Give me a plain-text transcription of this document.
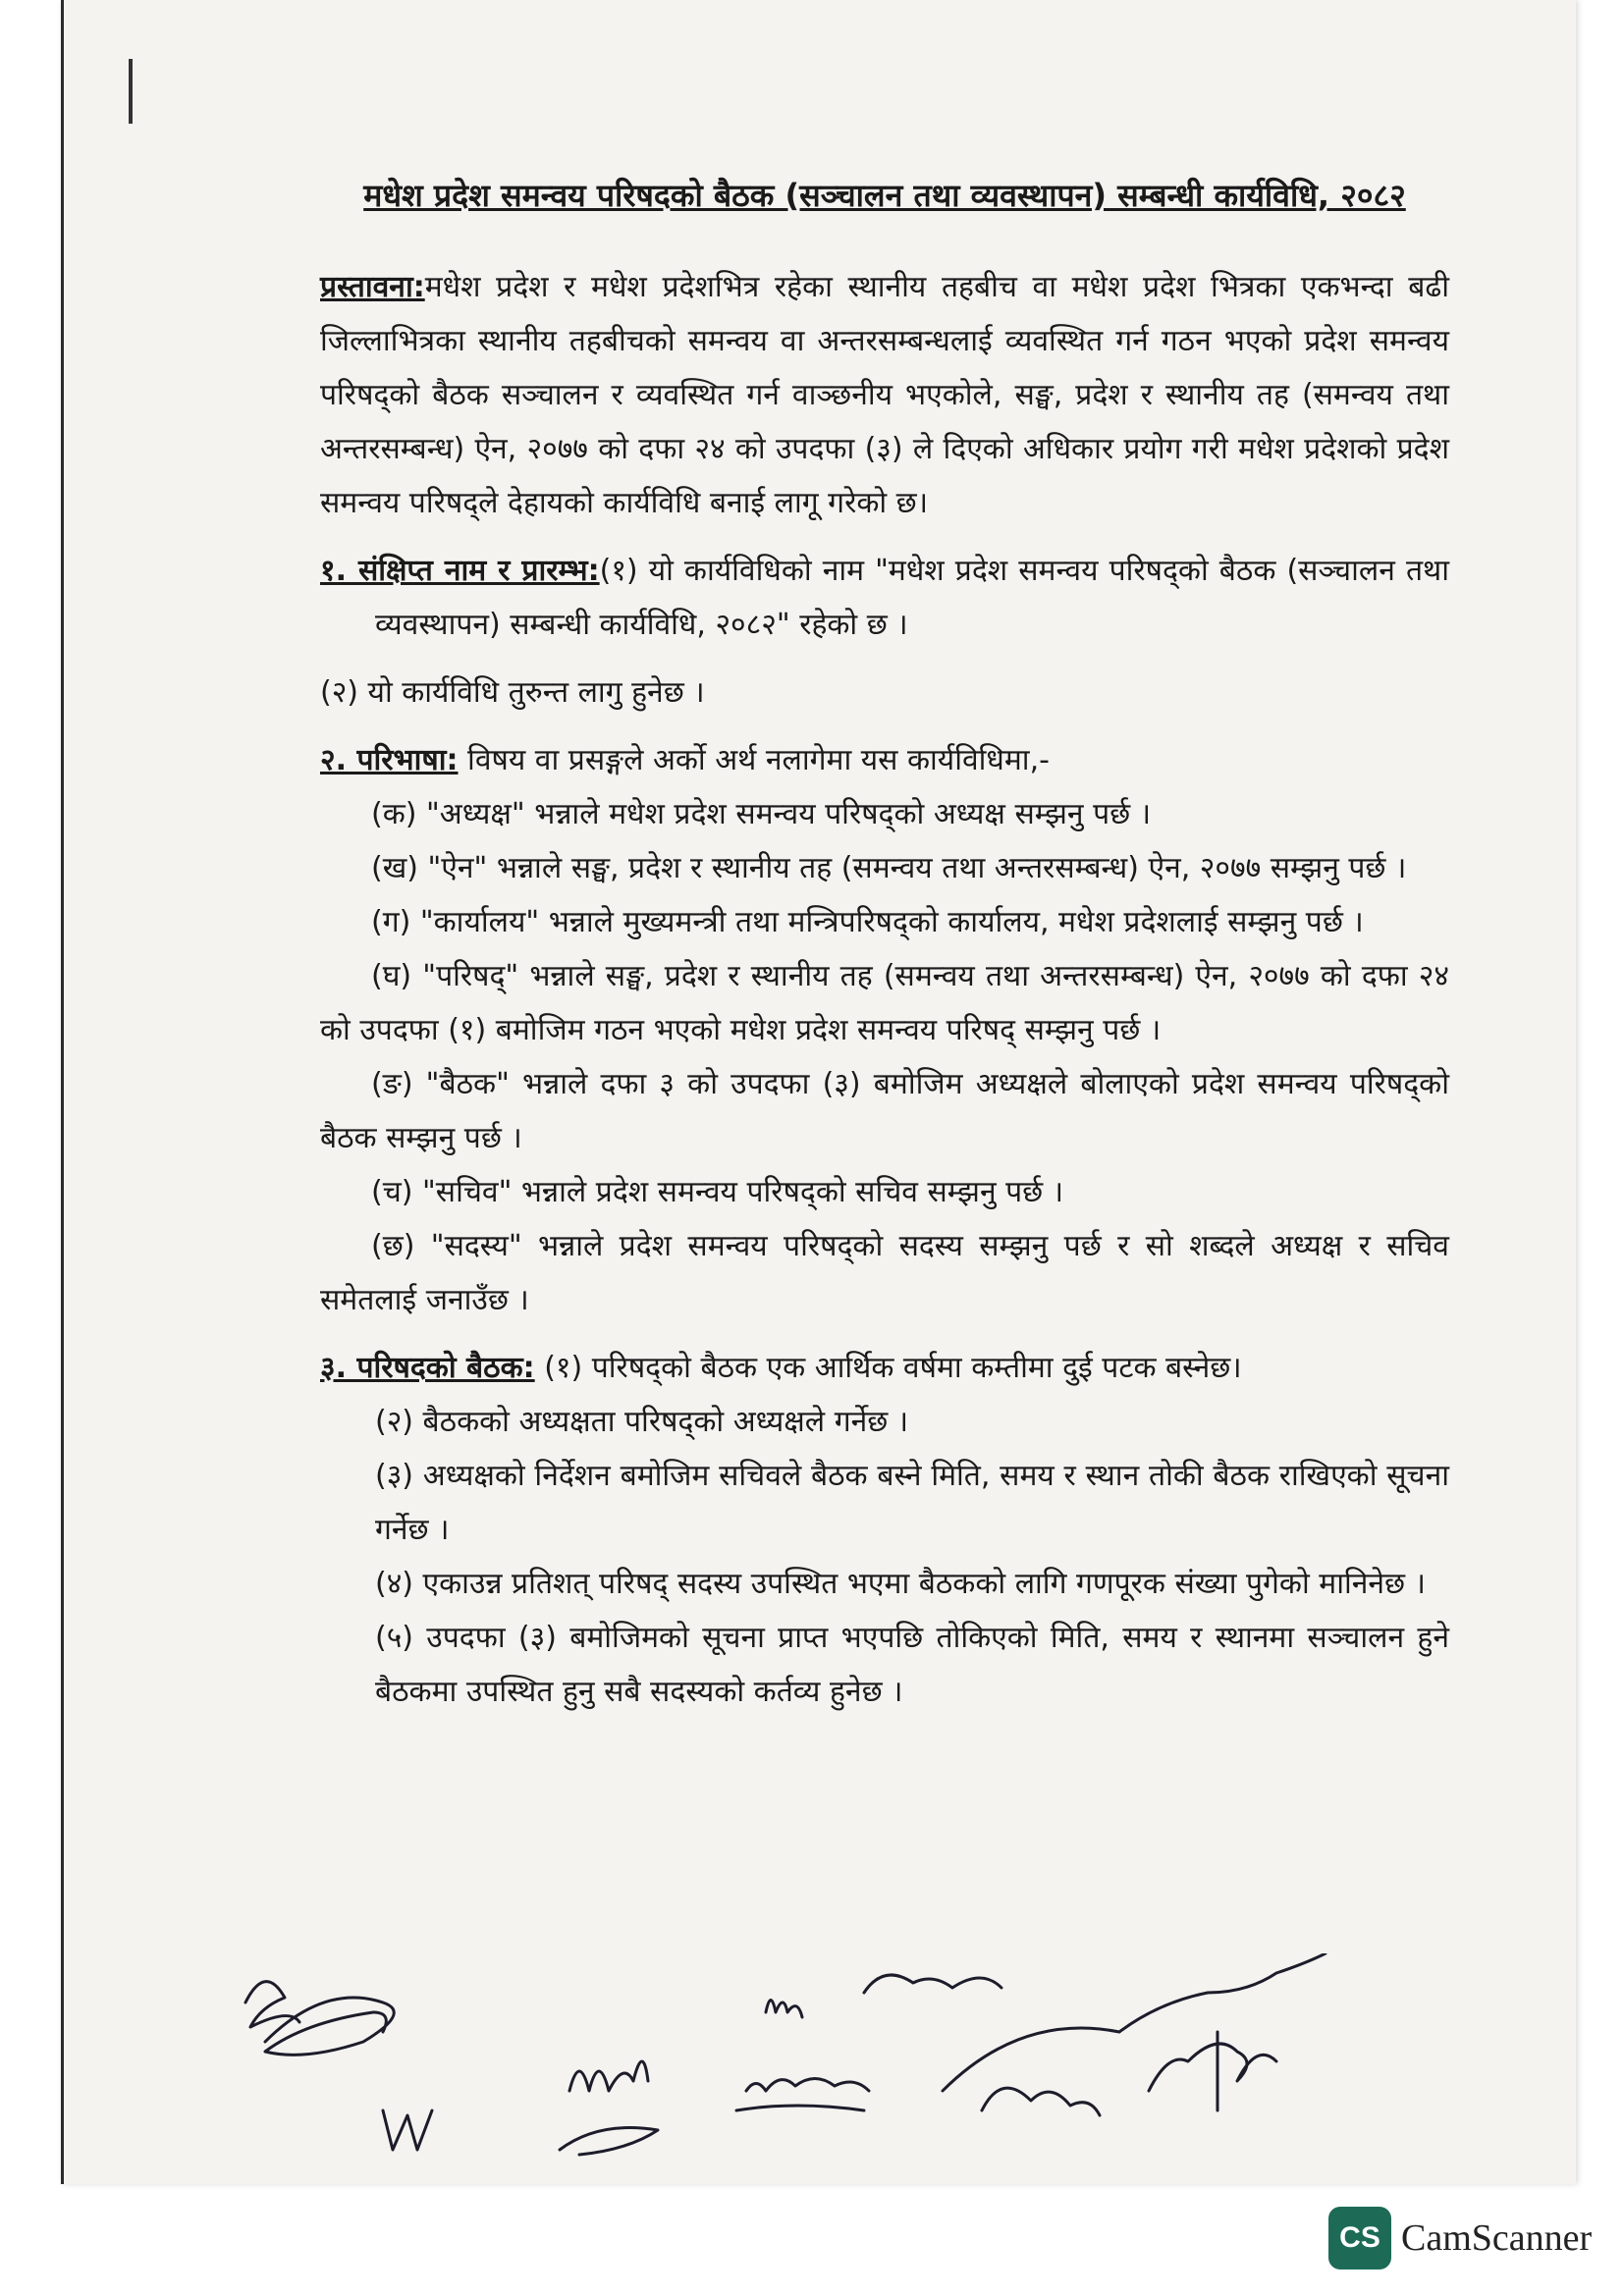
मधेश प्रदेश समन्वय परिषदको बैठक (सञ्चालन तथा व्यवस्थापन) सम्बन्धी कार्यविधि, २०८२

प्रस्तावना:मधेश प्रदेश र मधेश प्रदेशभित्र रहेका स्थानीय तहबीच वा मधेश प्रदेश भित्रका एकभन्दा बढी जिल्लाभित्रका स्थानीय तहबीचको समन्वय वा अन्तरसम्बन्धलाई व्यवस्थित गर्न गठन भएको प्रदेश समन्वय परिषद्को बैठक सञ्चालन र व्यवस्थित गर्न वाञ्छनीय भएकोले, सङ्घ, प्रदेश र स्थानीय तह (समन्वय तथा अन्तरसम्बन्ध) ऐन, २०७७ को दफा २४ को उपदफा (३) ले दिएको अधिकार प्रयोग गरी मधेश प्रदेशको प्रदेश समन्वय परिषद्ले देहायको कार्यविधि बनाई लागू गरेको छ।

१. संक्षिप्त नाम र प्रारम्भ:(१) यो कार्यविधिको नाम "मधेश प्रदेश समन्वय परिषद्को बैठक (सञ्चालन तथा व्यवस्थापन) सम्बन्धी कार्यविधि, २०८२" रहेको छ ।

(२) यो कार्यविधि तुरुन्त लागु हुनेछ ।

२. परिभाषा: विषय वा प्रसङ्गले अर्को अर्थ नलागेमा यस कार्यविधिमा,-

(क) "अध्यक्ष" भन्नाले मधेश प्रदेश समन्वय परिषद्को अध्यक्ष सम्झनु पर्छ ।

(ख) "ऐन" भन्नाले सङ्घ, प्रदेश र स्थानीय तह (समन्वय तथा अन्तरसम्बन्ध) ऐन, २०७७ सम्झनु पर्छ ।

(ग) "कार्यालय" भन्नाले मुख्यमन्त्री तथा मन्त्रिपरिषद्को कार्यालय, मधेश प्रदेशलाई सम्झनु पर्छ ।

(घ) "परिषद्" भन्नाले सङ्घ, प्रदेश र स्थानीय तह (समन्वय तथा अन्तरसम्बन्ध) ऐन, २०७७ को दफा २४ को उपदफा (१) बमोजिम गठन भएको मधेश प्रदेश समन्वय परिषद् सम्झनु पर्छ ।

(ङ) "बैठक" भन्नाले दफा ३ को उपदफा (३) बमोजिम अध्यक्षले बोलाएको प्रदेश समन्वय परिषद्को बैठक सम्झनु पर्छ ।

(च) "सचिव" भन्नाले प्रदेश समन्वय परिषद्को सचिव सम्झनु पर्छ ।

(छ) "सदस्य" भन्नाले प्रदेश समन्वय परिषद्को सदस्य सम्झनु पर्छ र सो शब्दले अध्यक्ष र सचिव समेतलाई जनाउँछ ।

३. परिषदको बैठक: (१) परिषद्को बैठक एक आर्थिक वर्षमा कम्तीमा दुई पटक बस्नेछ।

(२) बैठकको अध्यक्षता परिषद्को अध्यक्षले गर्नेछ ।

(३) अध्यक्षको निर्देशन बमोजिम सचिवले बैठक बस्ने मिति, समय र स्थान तोकी बैठक राखिएको सूचना गर्नेछ ।

(४) एकाउन्न प्रतिशत् परिषद् सदस्य उपस्थित भएमा बैठकको लागि गणपूरक संख्या पुगेको मानिनेछ ।

(५) उपदफा (३) बमोजिमको सूचना प्राप्त भएपछि तोकिएको मिति, समय र स्थानमा सञ्चालन हुने बैठकमा उपस्थित हुनु सबै सदस्यको कर्तव्य हुनेछ ।

CS CamScanner
